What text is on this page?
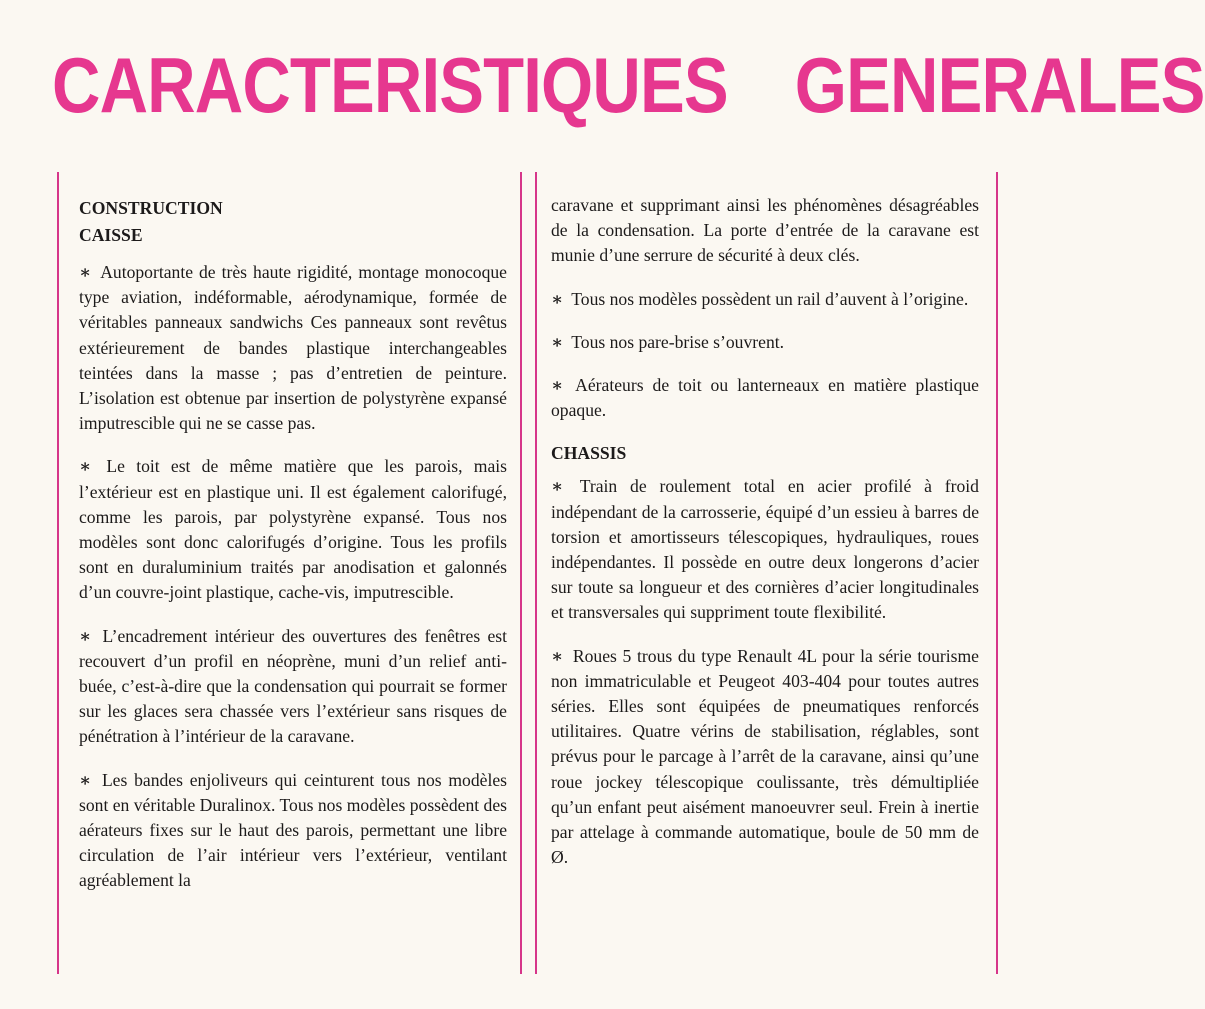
CARACTERISTIQUES GENERALES
CONSTRUCTION
CAISSE

∗ Autoportante de très haute rigidité, montage monocoque type aviation, indéformable, aérodynamique, formée de véritables panneaux sandwichs Ces panneaux sont revêtus extérieurement de bandes plastique interchangeables teintées dans la masse ; pas d’entretien de peinture. L’isolation est obtenue par insertion de polystyrène expansé imputrescible qui ne se casse pas.

∗ Le toit est de même matière que les parois, mais l’extérieur est en plastique uni. Il est également calorifugé, comme les parois, par polystyrène expansé. Tous nos modèles sont donc calorifugés d’origine. Tous les profils sont en duraluminium traités par anodisation et galonnés d’un couvre-joint plastique, cache-vis, imputrescible.

∗ L’encadrement intérieur des ouvertures des fenêtres est recouvert d’un profil en néoprène, muni d’un relief anti-buée, c’est-à-dire que la condensation qui pourrait se former sur les glaces sera chassée vers l’extérieur sans risques de pénétration à l’intérieur de la caravane.

∗ Les bandes enjoliveurs qui ceinturent tous nos modèles sont en véritable Duralinox. Tous nos modèles possèdent des aérateurs fixes sur le haut des parois, permettant une libre circulation de l’air intérieur vers l’extérieur, ventilant agréablement la

caravane et supprimant ainsi les phénomènes désagréables de la condensation. La porte d’entrée de la caravane est munie d’une serrure de sécurité à deux clés.

∗ Tous nos modèles possèdent un rail d’auvent à l’origine.

∗ Tous nos pare-brise s’ouvrent.

∗ Aérateurs de toit ou lanterneaux en matière plastique opaque.

CHASSIS

∗ Train de roulement total en acier profilé à froid indépendant de la carrosserie, équipé d’un essieu à barres de torsion et amortisseurs télescopiques, hydrauliques, roues indépendantes. Il possède en outre deux longerons d’acier sur toute sa longueur et des cornières d’acier longitudinales et transversales qui suppriment toute flexibilité.

∗ Roues 5 trous du type Renault 4L pour la série tourisme non immatriculable et Peugeot 403-404 pour toutes autres séries. Elles sont équipées de pneumatiques renforcés utilitaires. Quatre vérins de stabilisation, réglables, sont prévus pour le parcage à l’arrêt de la caravane, ainsi qu’une roue jockey télescopique coulissante, très démultipliée qu’un enfant peut aisément manoeuvrer seul. Frein à inertie par attelage à commande automatique, boule de 50 mm de Ø.
